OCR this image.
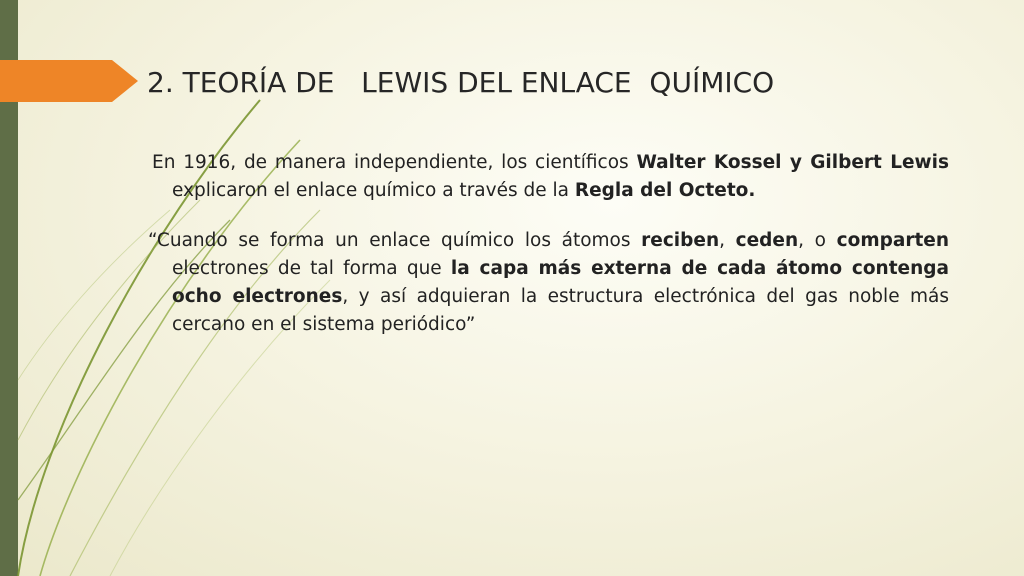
2. TEORÍA DE   LEWIS DEL ENLACE  QUÍMICO

En 1916, de manera independiente, los científicos Walter Kossel y Gilbert Lewis explicaron el enlace químico a través de la Regla del Octeto.

“Cuando se forma un enlace químico los átomos reciben, ceden, o comparten electrones de tal forma que la capa más externa de cada átomo contenga ocho electrones, y así adquieran la estructura electrónica del gas noble más cercano en el sistema periódico”
